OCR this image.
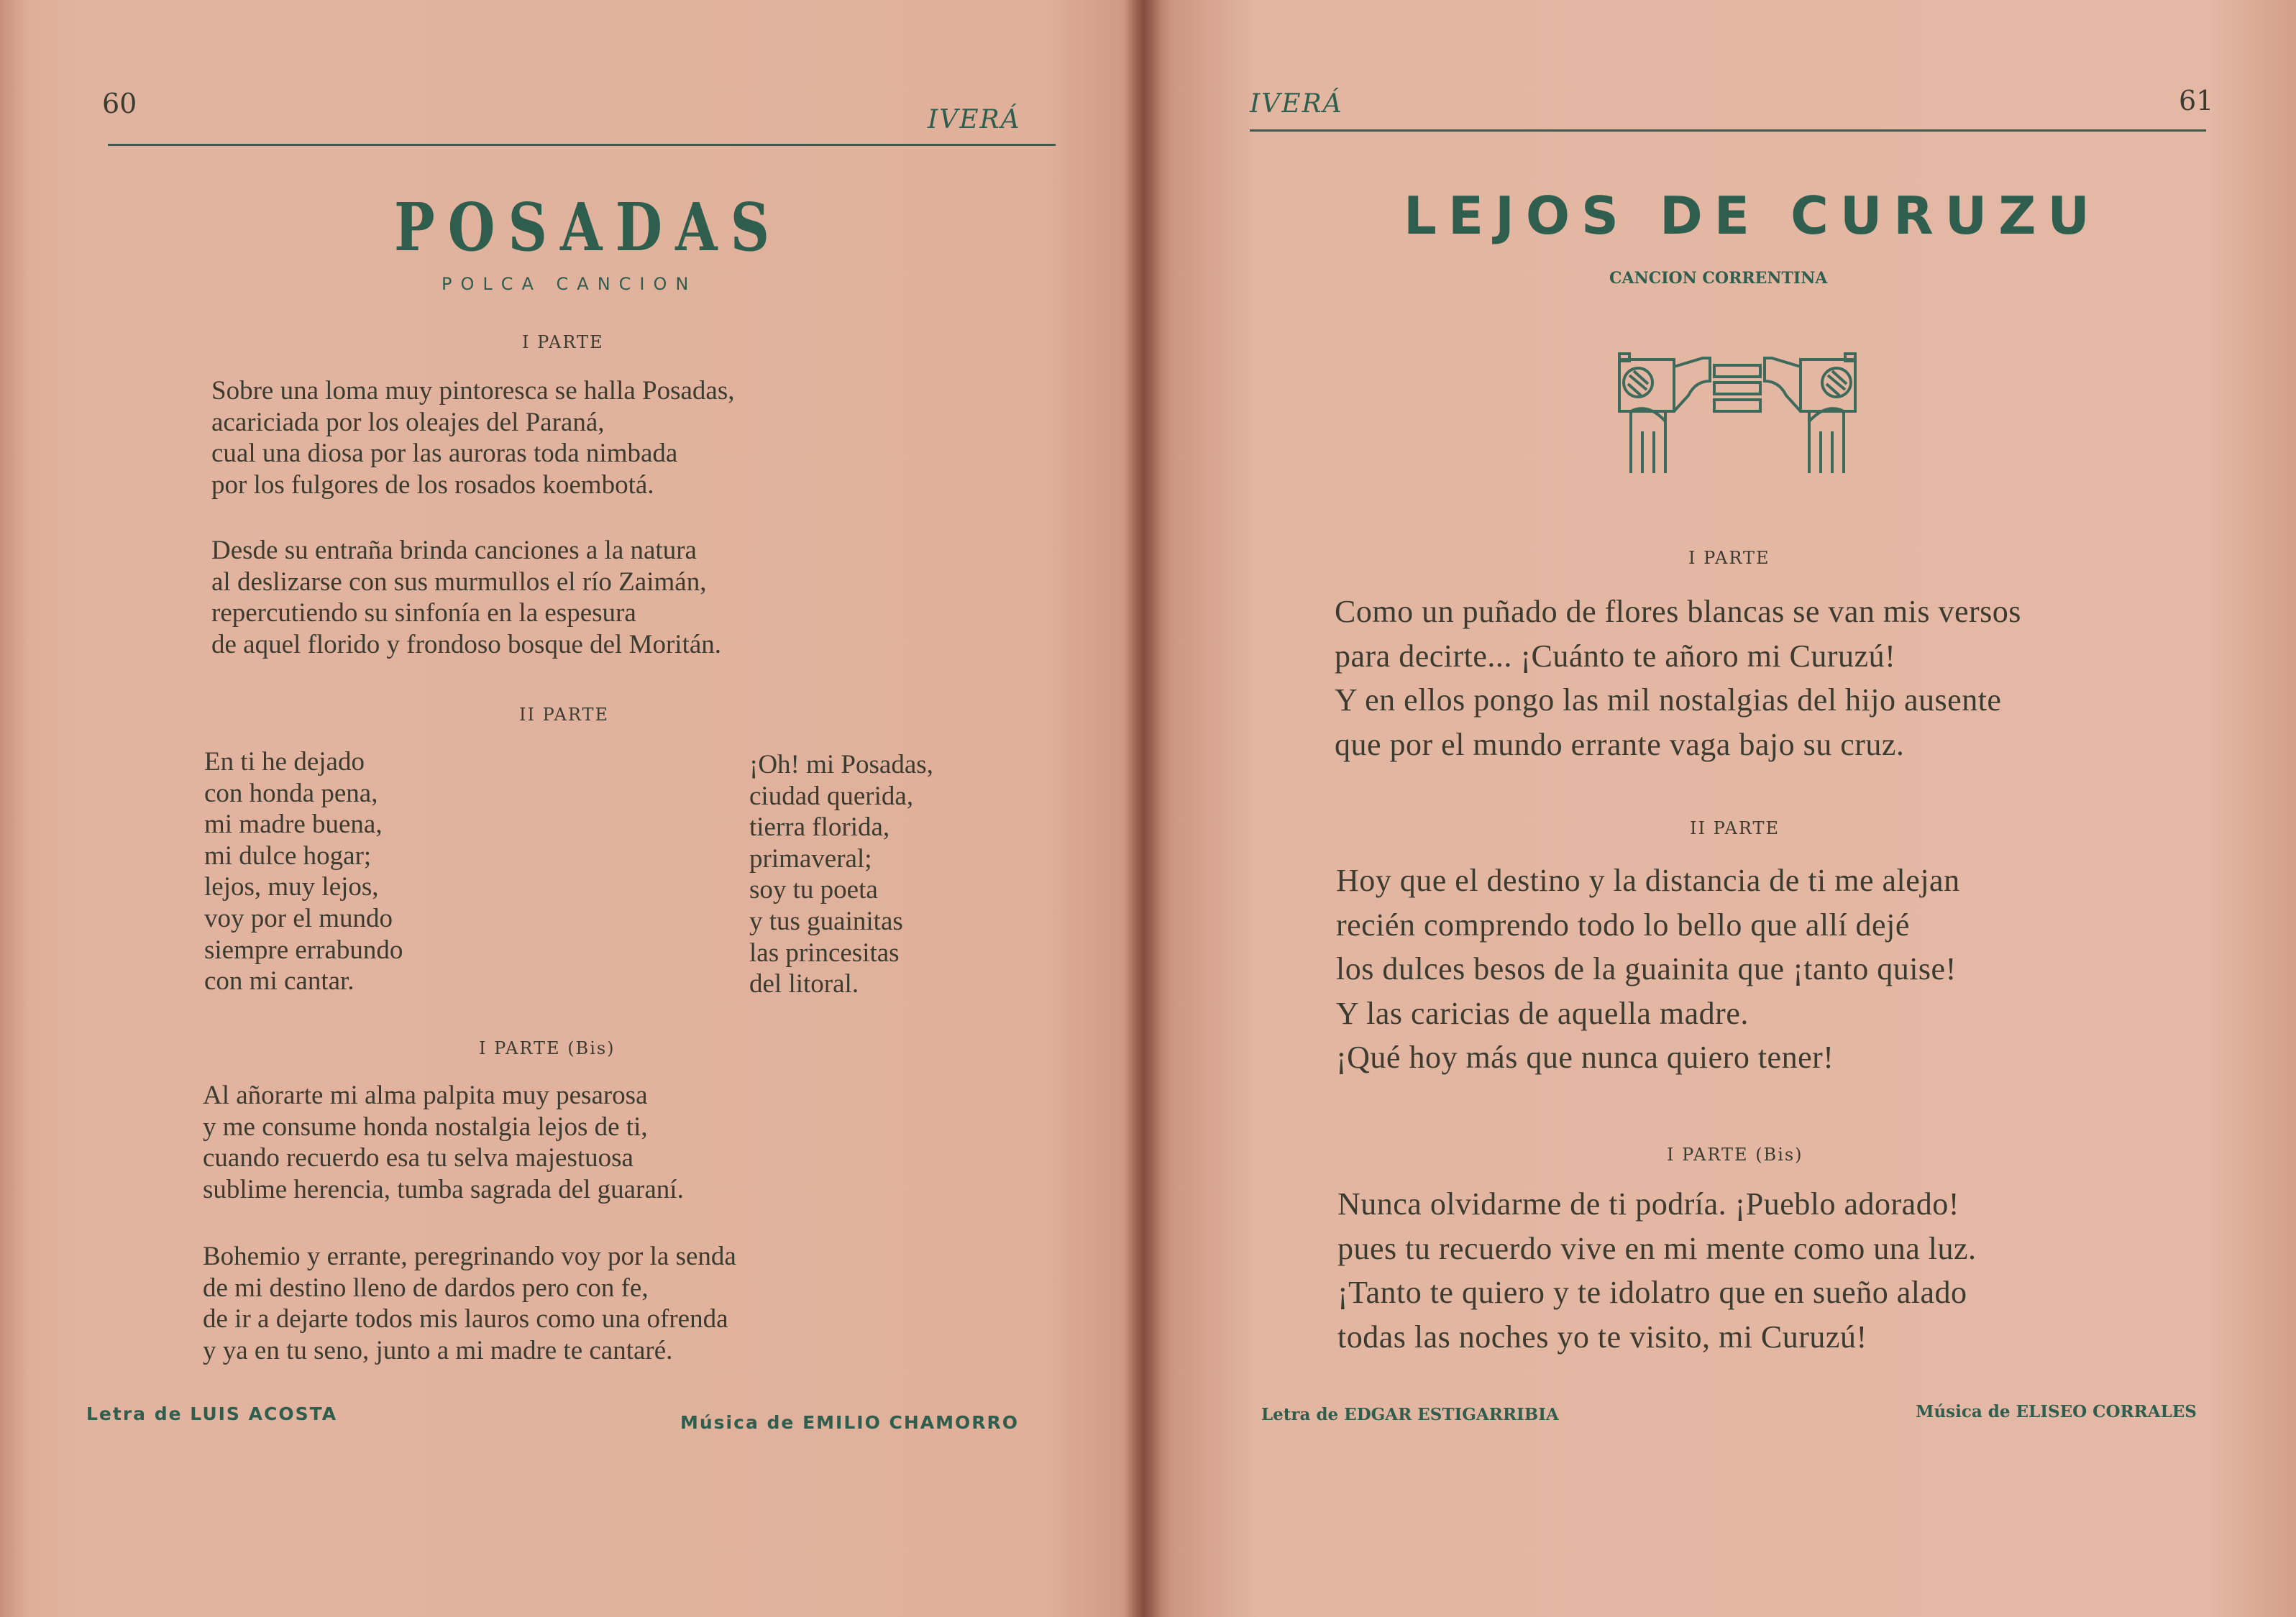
60
IVERÁ
POSADAS
POLCA CANCION
I PARTE
Sobre una loma muy pintoresca se halla Posadas,
acariciada por los oleajes del Paraná,
cual una diosa por las auroras toda nimbada
por los fulgores de los rosados koembotá.
Desde su entraña brinda canciones a la natura
al deslizarse con sus murmullos el río Zaimán,
repercutiendo su sinfonía en la espesura
de aquel florido y frondoso bosque del Moritán.
II PARTE
En ti he dejado
con honda pena,
mi madre buena,
mi dulce hogar;
lejos, muy lejos,
voy por el mundo
siempre errabundo
con mi cantar.
¡Oh! mi Posadas,
ciudad querida,
tierra florida,
primaveral;
soy tu poeta
y tus guainitas
las princesitas
del litoral.
I PARTE (Bis)
Al añorarte mi alma palpita muy pesarosa
y me consume honda nostalgia lejos de ti,
cuando recuerdo esa tu selva majestuosa
sublime herencia, tumba sagrada del guaraní.
Bohemio y errante, peregrinando voy por la senda
de mi destino lleno de dardos pero con fe,
de ir a dejarte todos mis lauros como una ofrenda
y ya en tu seno, junto a mi madre te cantaré.
Letra de LUIS ACOSTA	Música de EMILIO CHAMORRO
IVERÁ	61
LEJOS DE CURUZU
CANCION CORRENTINA
I PARTE
Como un puñado de flores blancas se van mis versos
para decirte... ¡Cuánto te añoro mi Curuzú!
Y en ellos pongo las mil nostalgias del hijo ausente
que por el mundo errante vaga bajo su cruz.
II PARTE
Hoy que el destino y la distancia de ti me alejan
recién comprendo todo lo bello que allí dejé
los dulces besos de la guainita que ¡tanto quise!
Y las caricias de aquella madre.
¡Qué hoy más que nunca quiero tener!
I PARTE (Bis)
Nunca olvidarme de ti podría. ¡Pueblo adorado!
pues tu recuerdo vive en mi mente como una luz.
¡Tanto te quiero y te idolatro que en sueño alado
todas las noches yo te visito, mi Curuzú!
Letra de EDGAR ESTIGARRIBIA	Música de ELISEO CORRALES
